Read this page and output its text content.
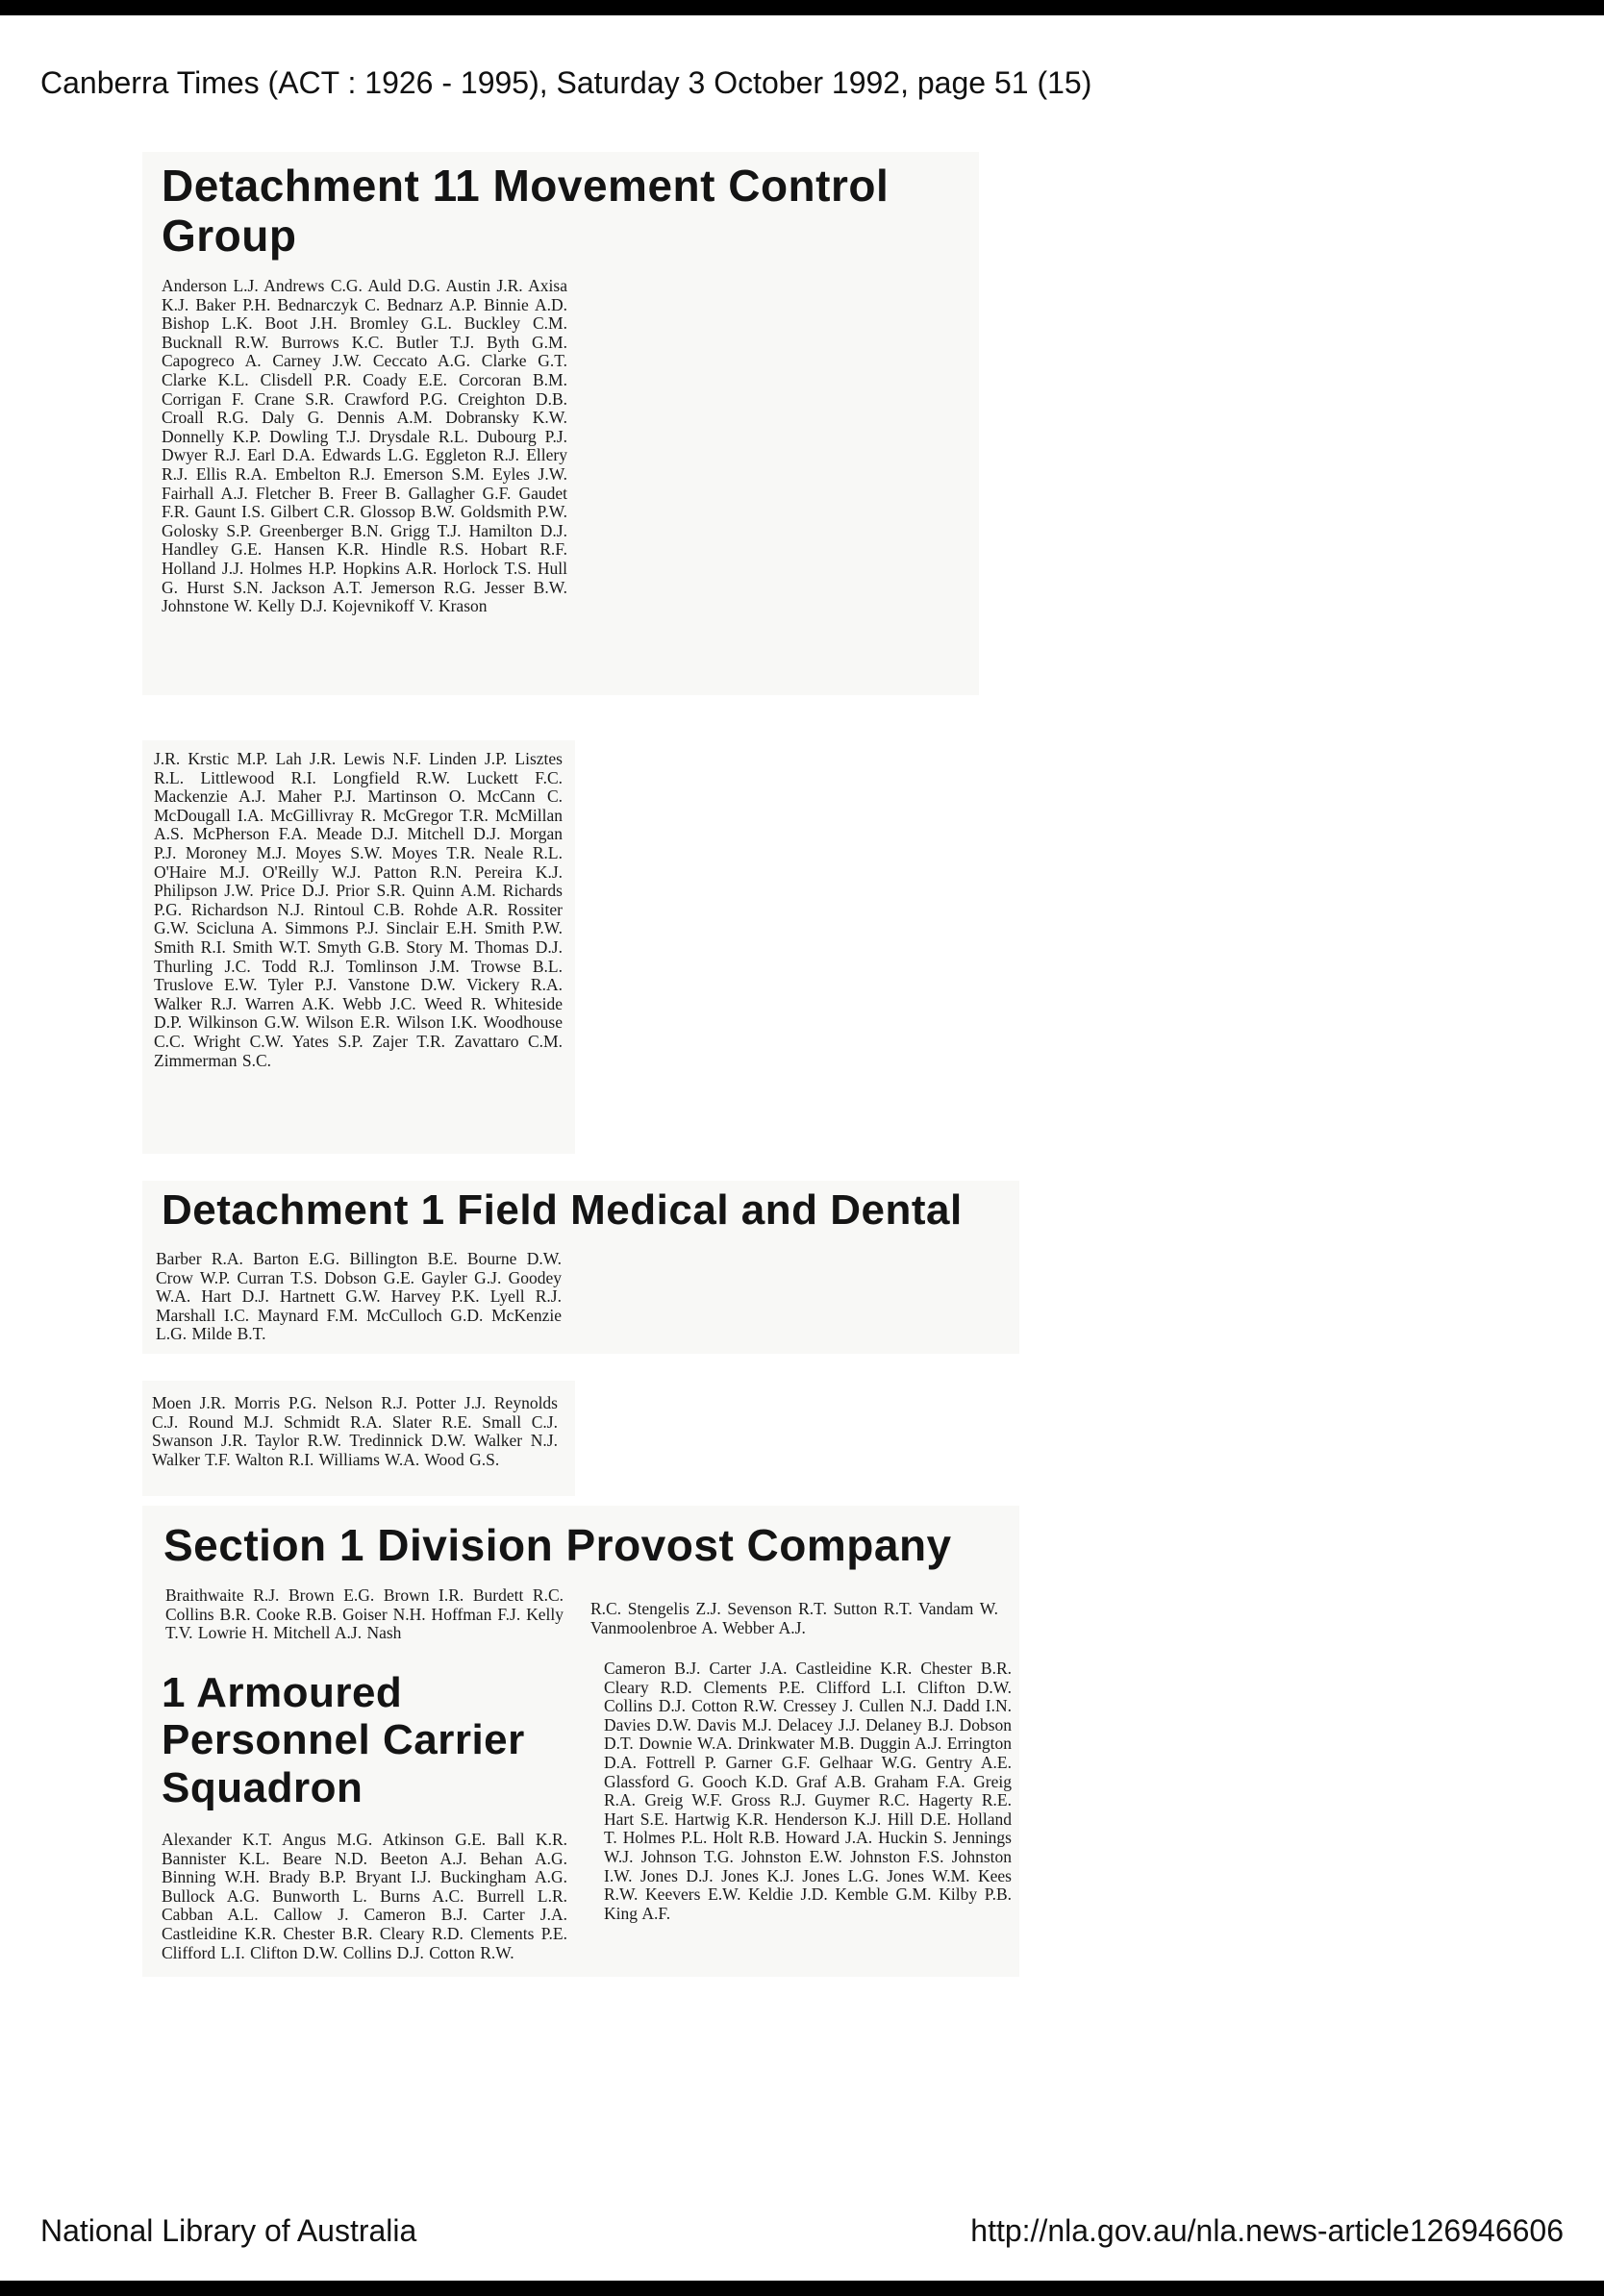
Canberra Times (ACT : 1926 - 1995), Saturday 3 October 1992, page 51 (15)
Detachment 11 Movement Control Group
Anderson L.J. Andrews C.G. Auld D.G. Austin J.R. Axisa K.J. Baker P.H. Bednarczyk C. Bednarz A.P. Binnie A.D. Bishop L.K. Boot J.H. Bromley G.L. Buckley C.M. Bucknall R.W. Burrows K.C. Butler T.J. Byth G.M. Capogreco A. Carney J.W. Ceccato A.G. Clarke G.T. Clarke K.L. Clisdell P.R. Coady E.E. Corcoran B.M. Corrigan F. Crane S.R. Crawford P.G. Creighton D.B. Croall R.G. Daly G. Dennis A.M. Dobransky K.W. Donnelly K.P. Dowling T.J. Drysdale R.L. Dubourg P.J. Dwyer R.J. Earl D.A. Edwards L.G. Eggleton R.J. Ellery R.J. Ellis R.A. Embelton R.J. Emerson S.M. Eyles J.W. Fairhall A.J. Fletcher B. Freer B. Gallagher G.F. Gaudet F.R. Gaunt I.S. Gilbert C.R. Glossop B.W. Goldsmith P.W. Golosky S.P. Greenberger B.N. Grigg T.J. Hamilton D.J. Handley G.E. Hansen K.R. Hindle R.S. Hobart R.F. Holland J.J. Holmes H.P. Hopkins A.R. Horlock T.S. Hull G. Hurst S.N. Jackson A.T. Jemerson R.G. Jesser B.W. Johnstone W. Kelly D.J. Kojevnikoff V. Krason
J.R. Krstic M.P. Lah J.R. Lewis N.F. Linden J.P. Lisztes R.L. Littlewood R.I. Longfield R.W. Luckett F.C. Mackenzie A.J. Maher P.J. Martinson O. McCann C. McDougall I.A. McGillivray R. McGregor T.R. McMillan A.S. McPherson F.A. Meade D.J. Mitchell D.J. Morgan P.J. Moroney M.J. Moyes S.W. Moyes T.R. Neale R.L. O'Haire M.J. O'Reilly W.J. Patton R.N. Pereira K.J. Philipson J.W. Price D.J. Prior S.R. Quinn A.M. Richards P.G. Richardson N.J. Rintoul C.B. Rohde A.R. Rossiter G.W. Scicluna A. Simmons P.J. Sinclair E.H. Smith P.W. Smith R.I. Smith W.T. Smyth G.B. Story M. Thomas D.J. Thurling J.C. Todd R.J. Tomlinson J.M. Trowse B.L. Truslove E.W. Tyler P.J. Vanstone D.W. Vickery R.A. Walker R.J. Warren A.K. Webb J.C. Weed R. Whiteside D.P. Wilkinson G.W. Wilson E.R. Wilson I.K. Woodhouse C.C. Wright C.W. Yates S.P. Zajer T.R. Zavattaro C.M. Zimmerman S.C.
Detachment 1 Field Medical and Dental
Barber R.A. Barton E.G. Billington B.E. Bourne D.W. Crow W.P. Curran T.S. Dobson G.E. Gayler G.J. Goodey W.A. Hart D.J. Hartnett G.W. Harvey P.K. Lyell R.J. Marshall I.C. Maynard F.M. McCulloch G.D. McKenzie L.G. Milde B.T.
Moen J.R. Morris P.G. Nelson R.J. Potter J.J. Reynolds C.J. Round M.J. Schmidt R.A. Slater R.E. Small C.J. Swanson J.R. Taylor R.W. Tredinnick D.W. Walker N.J. Walker T.F. Walton R.I. Williams W.A. Wood G.S.
Section 1 Division Provost Company
Braithwaite R.J. Brown E.G. Brown I.R. Burdett R.C. Collins B.R. Cooke R.B. Goiser N.H. Hoffman F.J. Kelly T.V. Lowrie H. Mitchell A.J. Nash
R.C. Stengelis Z.J. Sevenson R.T. Sutton R.T. Vandam W. Vanmoolenbroe A. Webber A.J.
1 Armoured Personnel Carrier Squadron
Alexander K.T. Angus M.G. Atkinson G.E. Ball K.R. Bannister K.L. Beare N.D. Beeton A.J. Behan A.G. Binning W.H. Brady B.P. Bryant I.J. Buckingham A.G. Bullock A.G. Bunworth L. Burns A.C. Burrell L.R. Cabban A.L. Callow J. Cameron B.J. Carter J.A. Castleidine K.R. Chester B.R. Cleary R.D. Clements P.E. Clifford L.I. Clifton D.W. Collins D.J. Cotton R.W.
Cameron B.J. Carter J.A. Castleidine K.R. Chester B.R. Cleary R.D. Clements P.E. Clifford L.I. Clifton D.W. Collins D.J. Cotton R.W. Cressey J. Cullen N.J. Dadd I.N. Davies D.W. Davis M.J. Delacey J.J. Delaney B.J. Dobson D.T. Downie W.A. Drinkwater M.B. Duggin A.J. Errington D.A. Fottrell P. Garner G.F. Gelhaar W.G. Gentry A.E. Glassford G. Gooch K.D. Graf A.B. Graham F.A. Greig R.A. Greig W.F. Gross R.J. Guymer R.C. Hagerty R.E. Hart S.E. Hartwig K.R. Henderson K.J. Hill D.E. Holland T. Holmes P.L. Holt R.B. Howard J.A. Huckin S. Jennings W.J. Johnson T.G. Johnston E.W. Johnston F.S. Johnston I.W. Jones D.J. Jones K.J. Jones L.G. Jones W.M. Kees R.W. Keevers E.W. Keldie J.D. Kemble G.M. Kilby P.B. King A.F.
National Library of Australia	http://nla.gov.au/nla.news-article126946606
